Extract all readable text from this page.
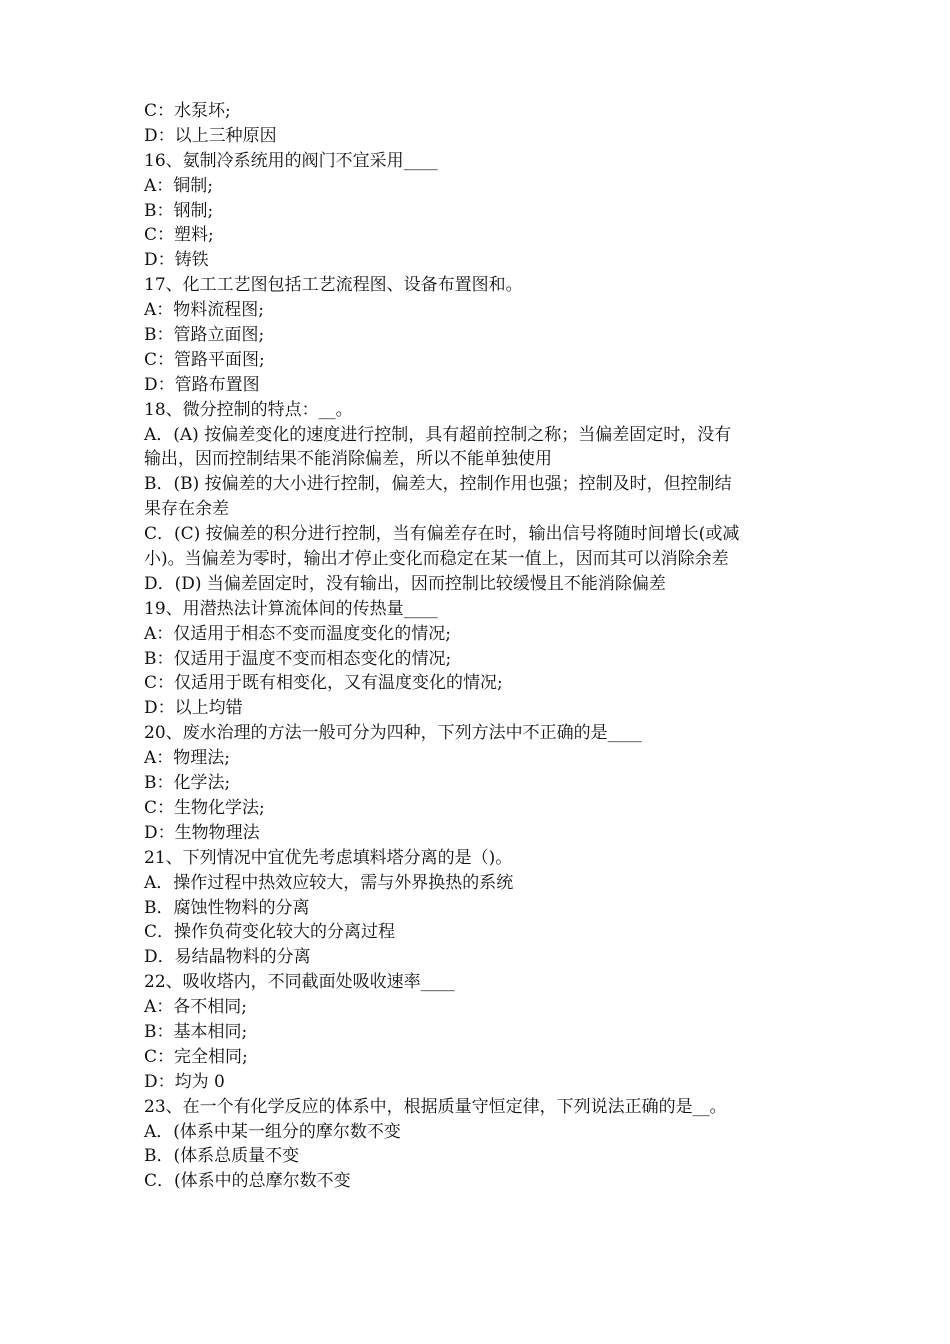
C：水泵坏;
D：以上三种原因
16、氨制冷系统用的阀门不宜采用____
A：铜制;
B：钢制;
C：塑料;
D：铸铁
17、化工工艺图包括工艺流程图、设备布置图和。
A：物料流程图;
B：管路立面图;
C：管路平面图;
D：管路布置图
18、微分控制的特点：__。
A．(A) 按偏差变化的速度进行控制，具有超前控制之称；当偏差固定时，没有
输出，因而控制结果不能消除偏差，所以不能单独使用
B．(B) 按偏差的大小进行控制，偏差大，控制作用也强；控制及时，但控制结
果存在余差
C．(C) 按偏差的积分进行控制，当有偏差存在时，输出信号将随时间增长(或减
小)。当偏差为零时，输出才停止变化而稳定在某一值上，因而其可以消除余差
D．(D) 当偏差固定时，没有输出，因而控制比较缓慢且不能消除偏差
19、用潜热法计算流体间的传热量____
A：仅适用于相态不变而温度变化的情况;
B：仅适用于温度不变而相态变化的情况;
C：仅适用于既有相变化，又有温度变化的情况;
D：以上均错
20、废水治理的方法一般可分为四种，下列方法中不正确的是____
A：物理法;
B：化学法;
C：生物化学法;
D：生物物理法
21、下列情况中宜优先考虑填料塔分离的是（)。
A．操作过程中热效应较大，需与外界换热的系统
B．腐蚀性物料的分离
C．操作负荷变化较大的分离过程
D．易结晶物料的分离
22、吸收塔内，不同截面处吸收速率____
A：各不相同;
B：基本相同;
C：完全相同;
D：均为 0
23、在一个有化学反应的体系中，根据质量守恒定律，下列说法正确的是__。
A．(体系中某一组分的摩尔数不变
B．(体系总质量不变
C．(体系中的总摩尔数不变
